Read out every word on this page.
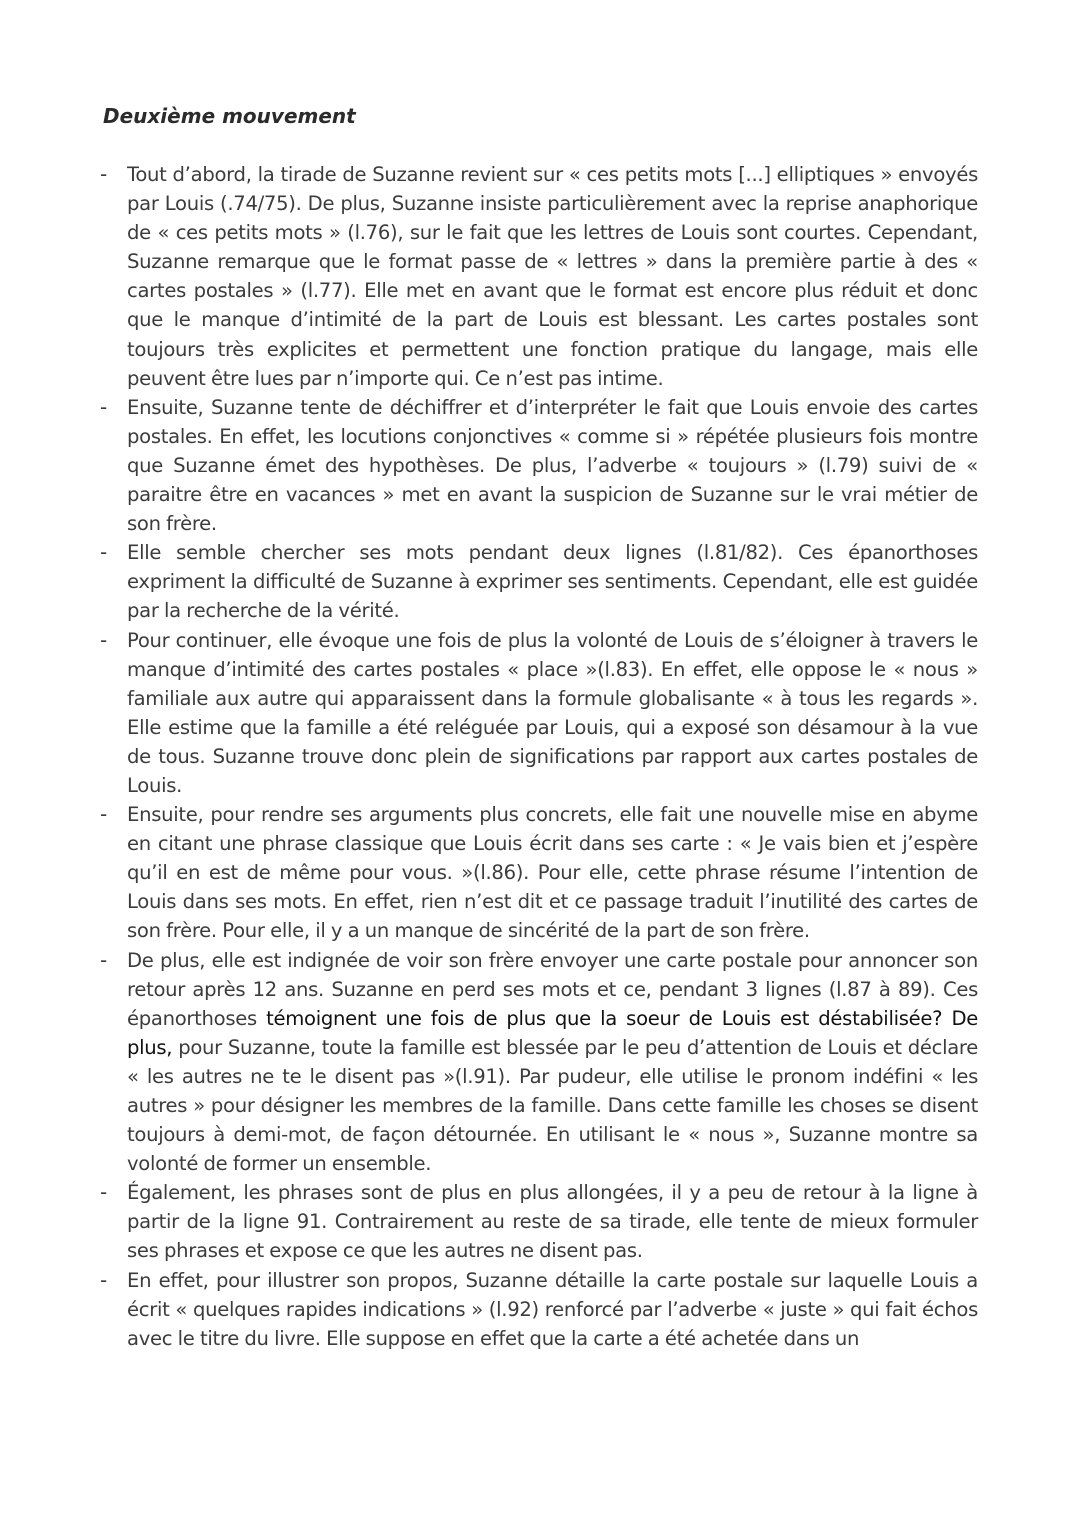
Deuxième mouvement
- Tout d’abord, la tirade de Suzanne revient sur « ces petits mots [...] elliptiques » envoyés par Louis (.74/75). De plus, Suzanne insiste particulièrement avec la reprise anaphorique de « ces petits mots » (l.76), sur le fait que les lettres de Louis sont courtes. Cependant, Suzanne remarque que le format passe de « lettres » dans la première partie à des « cartes postales » (l.77). Elle met en avant que le format est encore plus réduit et donc que le manque d’intimité de la part de Louis est blessant. Les cartes postales sont toujours très explicites et permettent une fonction pratique du langage, mais elle peuvent être lues par n’importe qui. Ce n’est pas intime.

- Ensuite, Suzanne tente de déchiffrer et d’interpréter le fait que Louis envoie des cartes postales. En effet, les locutions conjonctives « comme si » répétée plusieurs fois montre que Suzanne émet des hypothèses. De plus, l’adverbe « toujours » (l.79) suivi de « paraitre être en vacances » met en avant la suspicion de Suzanne sur le vrai métier de son frère.

- Elle semble chercher ses mots pendant deux lignes (l.81/82). Ces épanorthoses expriment la difficulté de Suzanne à exprimer ses sentiments. Cependant, elle est guidée par la recherche de la vérité.

- Pour continuer, elle évoque une fois de plus la volonté de Louis de s’éloigner à travers le manque d’intimité des cartes postales « place »(l.83). En effet, elle oppose le « nous » familiale aux autre qui apparaissent dans la formule globalisante « à tous les regards ». Elle estime que la famille a été reléguée par Louis, qui a exposé son désamour à la vue de tous. Suzanne trouve donc plein de significations par rapport aux cartes postales de Louis.

- Ensuite, pour rendre ses arguments plus concrets, elle fait une nouvelle mise en abyme en citant une phrase classique que Louis écrit dans ses carte : « Je vais bien et j’espère qu’il en est de même pour vous. »(l.86). Pour elle, cette phrase résume l’intention de Louis dans ses mots. En effet, rien n’est dit et ce passage traduit l’inutilité des cartes de son frère. Pour elle, il y a un manque de sincérité de la part de son frère.

- De plus, elle est indignée de voir son frère envoyer une carte postale pour annoncer son retour après 12 ans. Suzanne en perd ses mots et ce, pendant 3 lignes (l.87 à 89). Ces épanorthoses témoignent une fois de plus que la soeur de Louis est déstabilisée? De plus, pour Suzanne, toute la famille est blessée par le peu d’attention de Louis et déclare « les autres ne te le disent pas »(l.91). Par pudeur, elle utilise le pronom indéfini « les autres » pour désigner les membres de la famille. Dans cette famille les choses se disent toujours à demi-mot, de façon détournée. En utilisant le « nous », Suzanne montre sa volonté de former un ensemble.

- Également, les phrases sont de plus en plus allongées, il y a peu de retour à la ligne à partir de la ligne 91. Contrairement au reste de sa tirade, elle tente de mieux formuler ses phrases et expose ce que les autres ne disent pas.

- En effet, pour illustrer son propos, Suzanne détaille la carte postale sur laquelle Louis a écrit « quelques rapides indications » (l.92) renforcé par l’adverbe « juste » qui fait échos avec le titre du livre. Elle suppose en effet que la carte a été achetée dans un
